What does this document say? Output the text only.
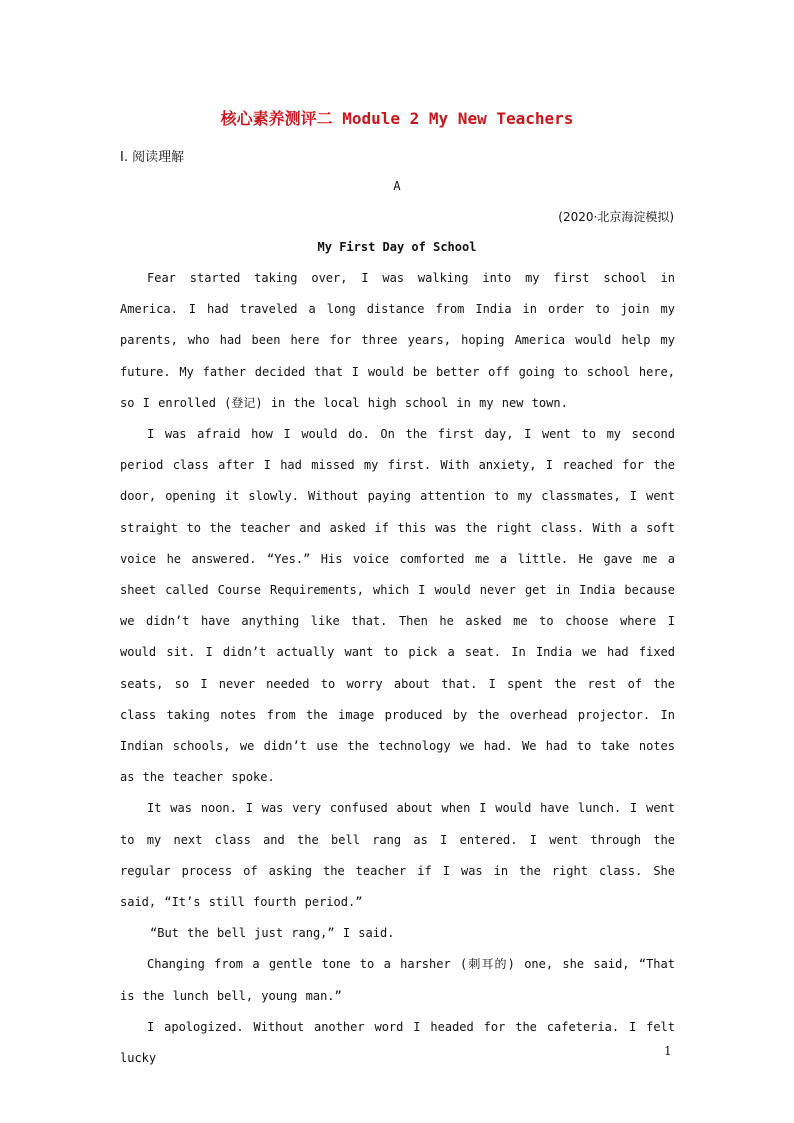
核心素养测评二 Module 2 My New Teachers
Ⅰ. 阅读理解
A
(2020·北京海淀模拟)
My First Day of School

Fear started taking over, I was walking into my first school in America. I had traveled a long distance from India in order to join my parents, who had been here for three years, hoping America would help my future. My father decided that I would be better off going to school here, so I enrolled (登记) in the local high school in my new town.

I was afraid how I would do. On the first day, I went to my second period class after I had missed my first. With anxiety, I reached for the door, opening it slowly. Without paying attention to my classmates, I went straight to the teacher and asked if this was the right class. With a soft voice he answered. “Yes.” His voice comforted me a little. He gave me a sheet called Course Requirements, which I would never get in India because we didn’t have anything like that. Then he asked me to choose where I would sit. I didn’t actually want to pick a seat. In India we had fixed seats, so I never needed to worry about that. I spent the rest of the class taking notes from the image produced by the overhead projector. In Indian schools, we didn’t use the technology we had. We had to take notes as the teacher spoke.

It was noon. I was very confused about when I would have lunch. I went to my next class and the bell rang as I entered. I went through the regular process of asking the teacher if I was in the right class. She said, “It’s still fourth period.”

“But the bell just rang,” I said.

Changing from a gentle tone to a harsher (刺耳的) one, she said, “That is the lunch bell, young man.”

I apologized. Without another word I headed for the cafeteria. I felt lucky

1
